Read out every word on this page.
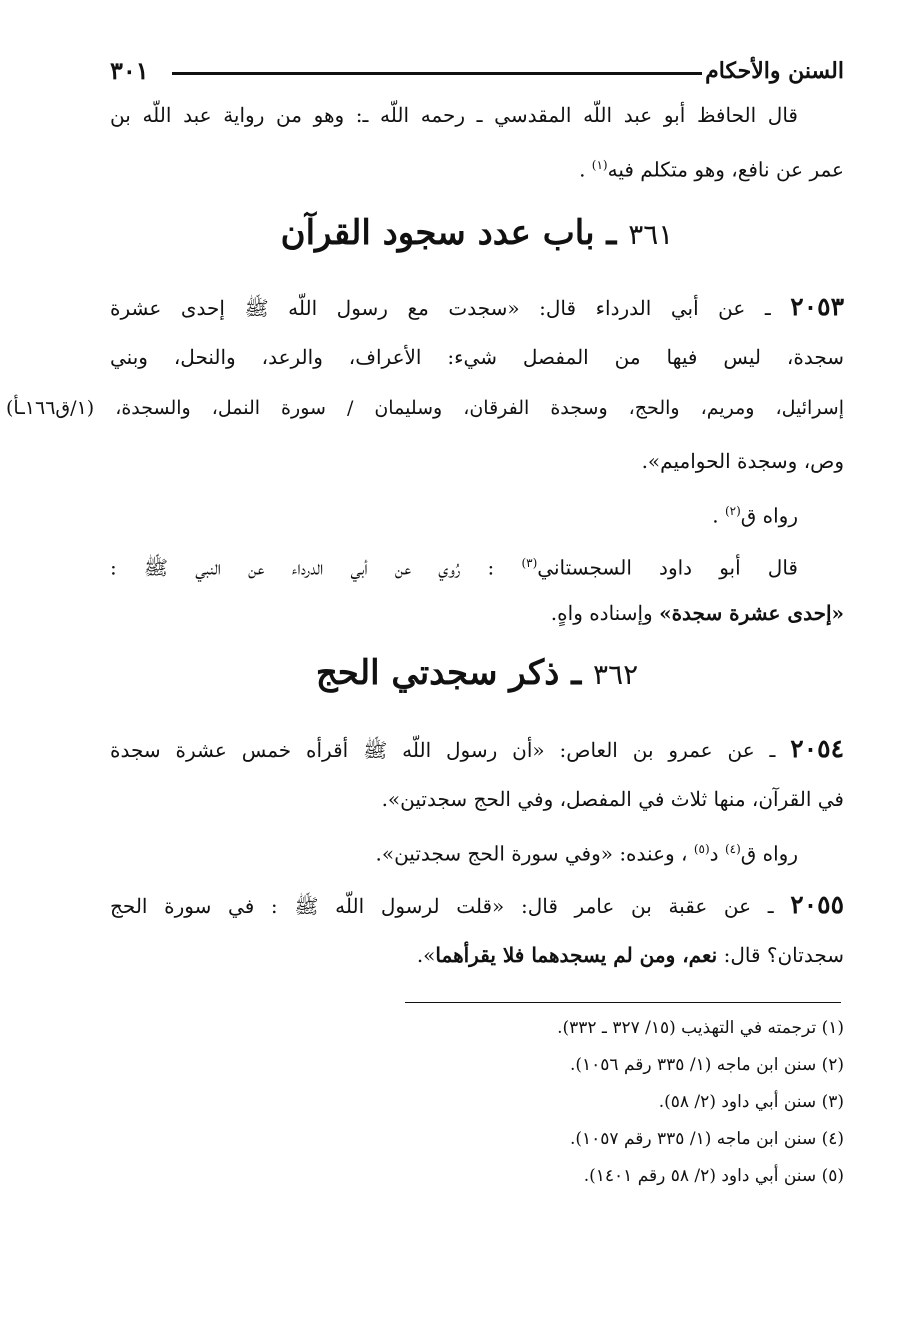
السنن والأحكام
٣٠١
قال الحافظ أبو عبد اللّه المقدسي ـ رحمه اللّه ـ: وهو من رواية عبد اللّه بن
عمر عن نافع، وهو متكلم فيه$^{(١)}$ .
٣٦١ ـ باب عدد سجود القرآن
٢٠٥٣ ـ عن أبي الدرداء قال: «سجدت مع رسول اللّه ﷺ إحدى عشرة
سجدة، ليس فيها من المفصل شيء: الأعراف، والرعد، والنحل، وبني
إسرائيل، ومريم، والحج، وسجدة الفرقان، وسليمان / سورة النمل، والسجدة، (١/ق١٦٦ـأ)
وص، وسجدة الحواميم».
رواه ق$^{(٢)}$ .
قال أبو داود السجستاني$^{(٣)}$ : رُوي عن أبي الدرداء عن النبي ﷺ :
«إحدى عشرة سجدة» وإسناده واهٍ.
٣٦٢ ـ ذكر سجدتي الحج
٢٠٥٤ ـ عن عمرو بن العاص: «أن رسول اللّه ﷺ أقرأه خمس عشرة سجدة
في القرآن، منها ثلاث في المفصل، وفي الحج سجدتين».
رواه ق$^{(٤)}$ د$^{(٥)}$ ، وعنده: «وفي سورة الحج سجدتين».
٢٠٥٥ ـ عن عقبة بن عامر قال: «قلت لرسول اللّه ﷺ : في سورة الحج
سجدتان؟ قال: نعم، ومن لم يسجدهما فلا يقرأهما».
(١) ترجمته في التهذيب (١٥/ ٣٢٧ ـ ٣٣٢).
(٢) سنن ابن ماجه (١/ ٣٣٥ رقم ١٠٥٦).
(٣) سنن أبي داود (٢/ ٥٨).
(٤) سنن ابن ماجه (١/ ٣٣٥ رقم ١٠٥٧).
(٥) سنن أبي داود (٢/ ٥٨ رقم ١٤٠١).
